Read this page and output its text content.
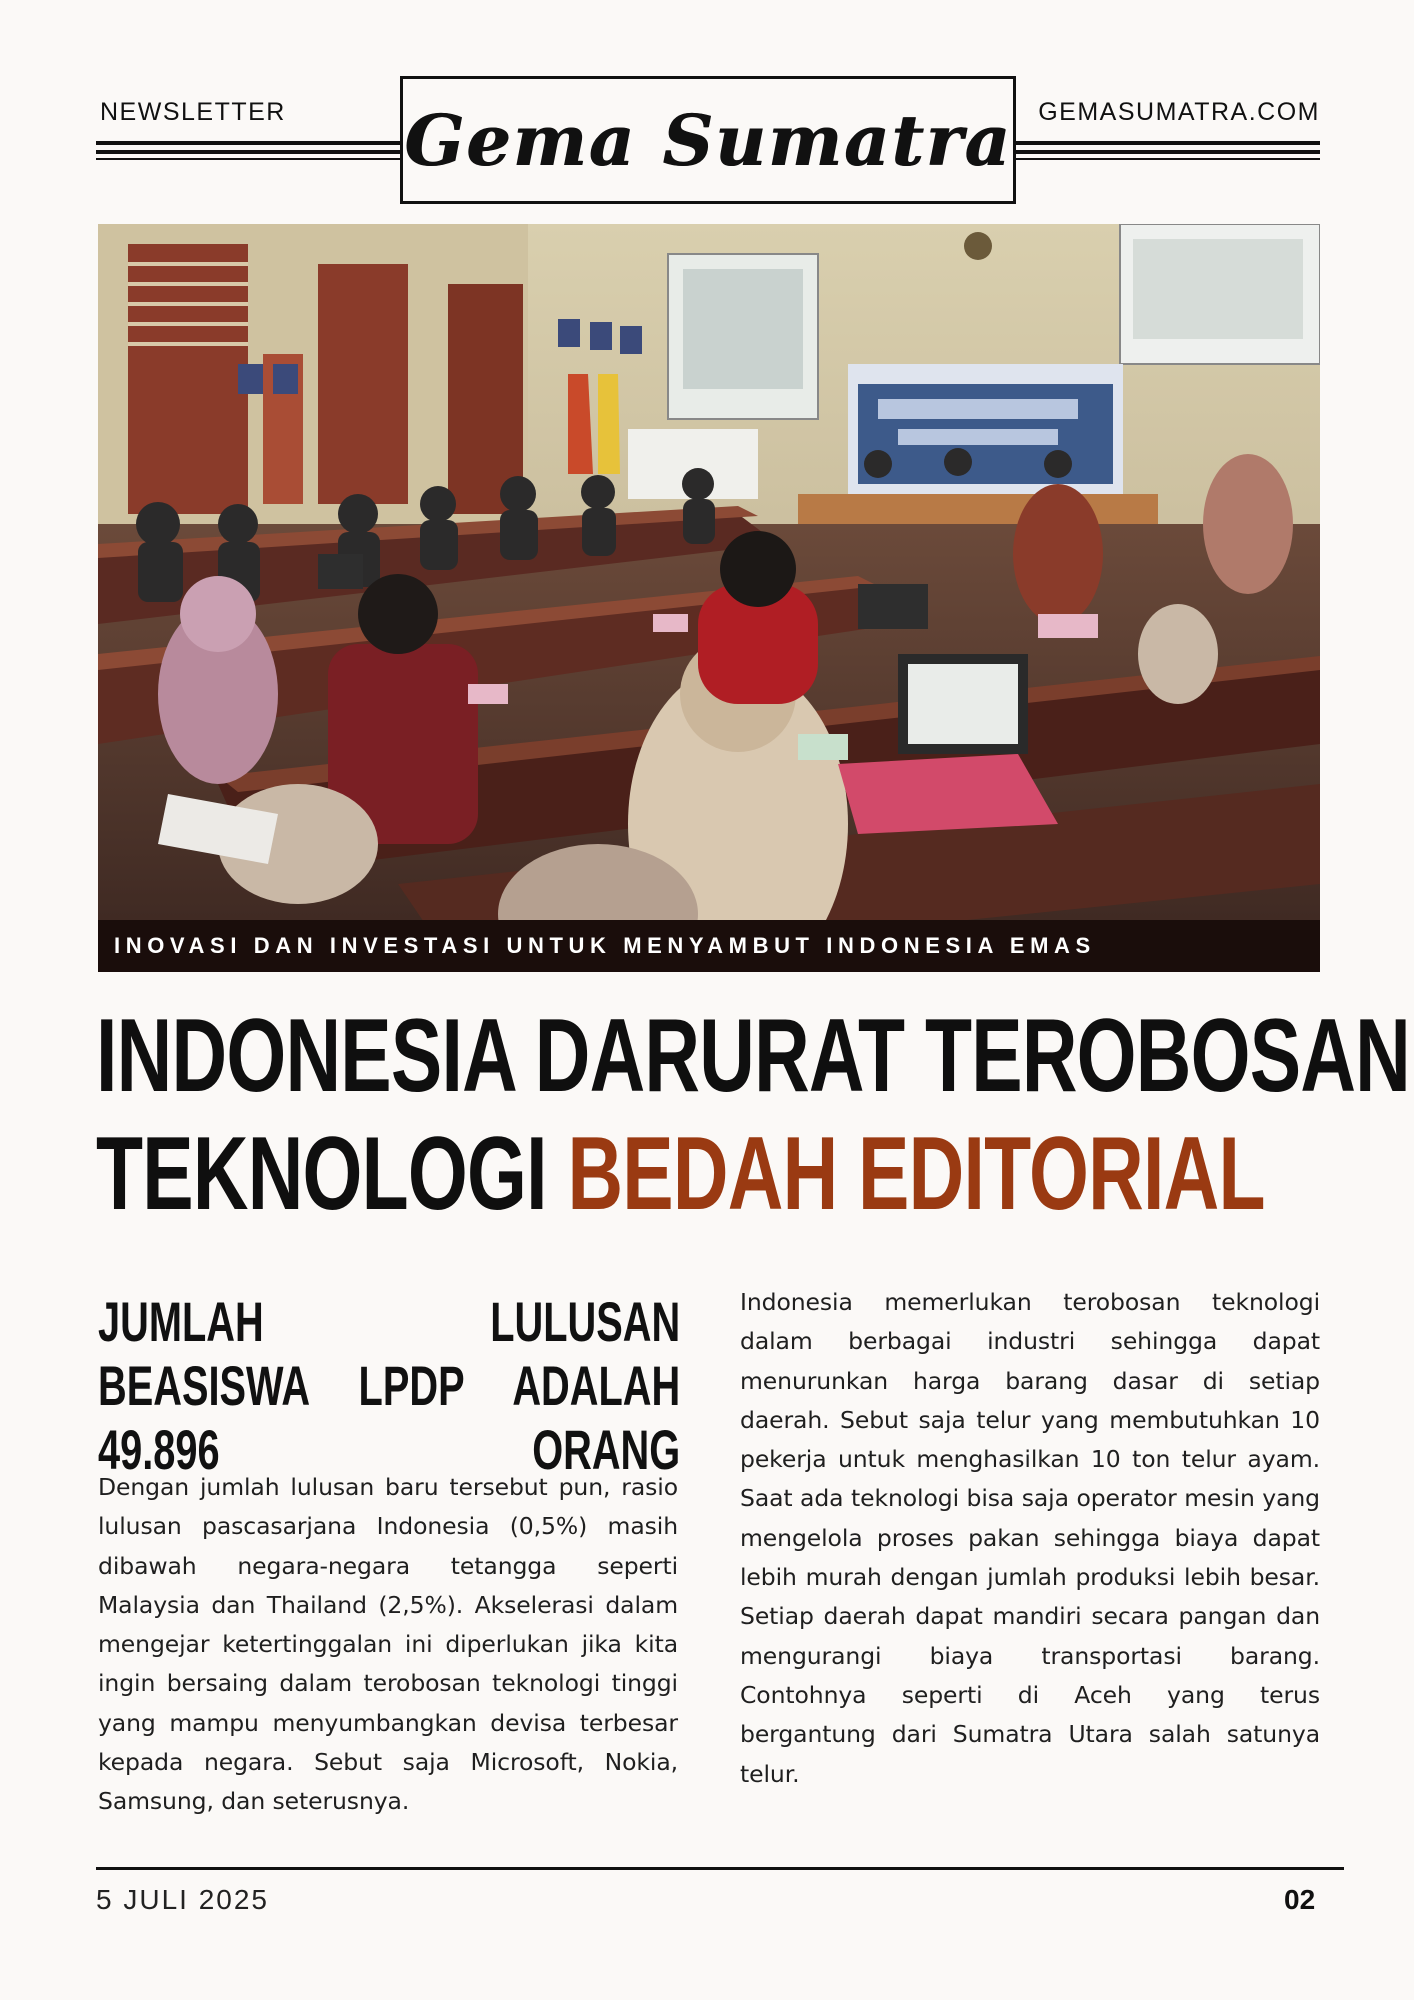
NEWSLETTER	GEMASUMATRA.COM
Gema Sumatra
INOVASI DAN INVESTASI UNTUK MENYAMBUT INDONESIA EMAS
INDONESIA DARURAT TEROBOSAN
TEKNOLOGI BEDAH EDITORIAL
JUMLAH LULUSAN BEASISWA LPDP ADALAH 49.896 ORANG
Dengan jumlah lulusan baru tersebut pun, rasio lulusan pascasarjana Indonesia (0,5%) masih dibawah negara-negara tetangga seperti Malaysia dan Thailand (2,5%). Akselerasi dalam mengejar ketertinggalan ini diperlukan jika kita ingin bersaing dalam terobosan teknologi tinggi yang mampu menyumbangkan devisa terbesar kepada negara. Sebut saja Microsoft, Nokia, Samsung, dan seterusnya.
Indonesia memerlukan terobosan teknologi dalam berbagai industri sehingga dapat menurunkan harga barang dasar di setiap daerah. Sebut saja telur yang membutuhkan 10 pekerja untuk menghasilkan 10 ton telur ayam. Saat ada teknologi bisa saja operator mesin yang mengelola proses pakan sehingga biaya dapat lebih murah dengan jumlah produksi lebih besar. Setiap daerah dapat mandiri secara pangan dan mengurangi biaya transportasi barang. Contohnya seperti di Aceh yang terus bergantung dari Sumatra Utara salah satunya telur.
5 JULI 2025	02
